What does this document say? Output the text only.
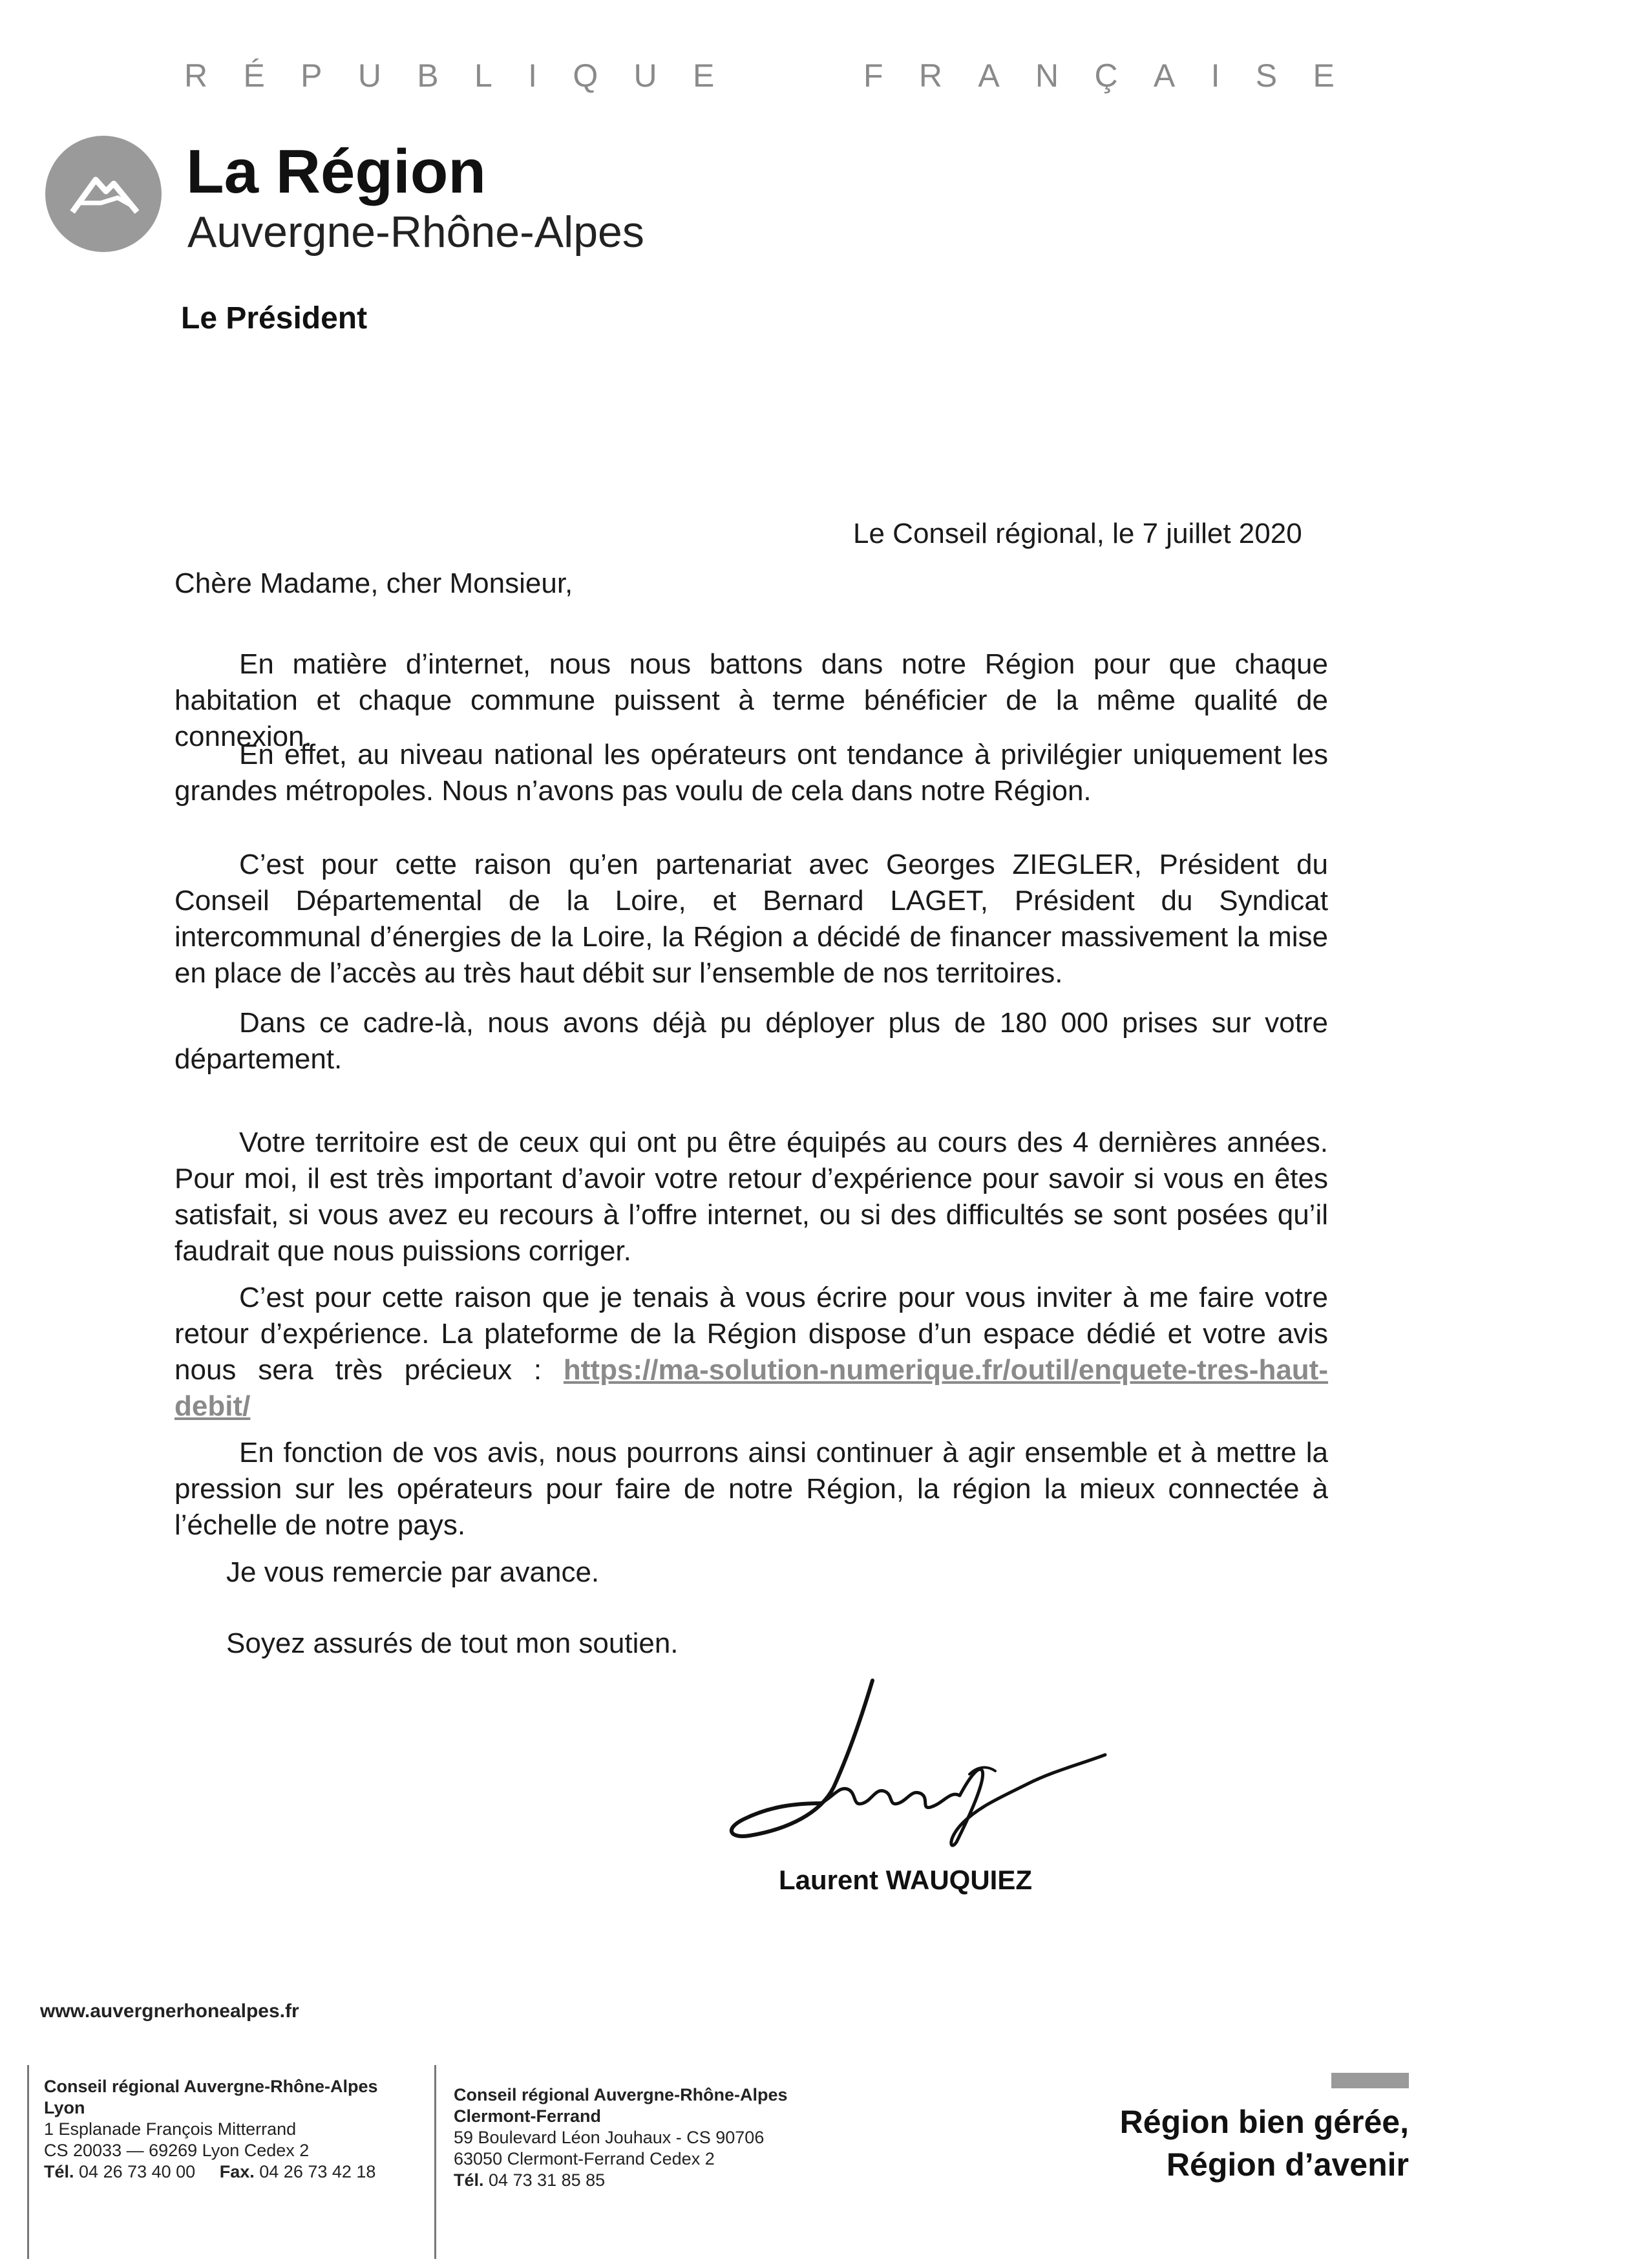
R É P U B L I Q U E	F R A N Ç A I S E
La Région
Auvergne-Rhône-Alpes
Le Président
Le Conseil régional, le 7 juillet 2020
Chère Madame, cher Monsieur,
En matière d’internet, nous nous battons dans notre Région pour que chaque habitation et chaque commune puissent à terme bénéficier de la même qualité de connexion.
En effet, au niveau national les opérateurs ont tendance à privilégier uniquement les grandes métropoles. Nous n’avons pas voulu de cela dans notre Région.
C’est pour cette raison qu’en partenariat avec Georges ZIEGLER, Président du Conseil Départemental de la Loire, et Bernard LAGET, Président du Syndicat intercommunal d’énergies de la Loire, la Région a décidé de financer massivement la mise en place de l’accès au très haut débit sur l’ensemble de nos territoires.
Dans ce cadre-là, nous avons déjà pu déployer plus de 180 000 prises sur votre département.
Votre territoire est de ceux qui ont pu être équipés au cours des 4 dernières années. Pour moi, il est très important d’avoir votre retour d’expérience pour savoir si vous en êtes satisfait, si vous avez eu recours à l’offre internet, ou si des difficultés se sont posées qu’il faudrait que nous puissions corriger.
C’est pour cette raison que je tenais à vous écrire pour vous inviter à me faire votre retour d’expérience. La plateforme de la Région dispose d’un espace dédié et votre avis nous sera très précieux : https://ma-solution-numerique.fr/outil/enquete-tres-haut-debit/
En fonction de vos avis, nous pourrons ainsi continuer à agir ensemble et à mettre la pression sur les opérateurs pour faire de notre Région, la région la mieux connectée à l’échelle de notre pays.
Je vous remercie par avance.
Soyez assurés de tout mon soutien.
Laurent WAUQUIEZ
www.auvergnerhonealpes.fr
Conseil régional Auvergne-Rhône-Alpes
Lyon
1 Esplanade François Mitterrand
CS 20033 — 69269 Lyon Cedex 2
Tél. 04 26 73 40 00 Fax. 04 26 73 42 18
Conseil régional Auvergne-Rhône-Alpes
Clermont-Ferrand
59 Boulevard Léon Jouhaux - CS 90706
63050 Clermont-Ferrand Cedex 2
Tél. 04 73 31 85 85
Région bien gérée,
Région d’avenir
